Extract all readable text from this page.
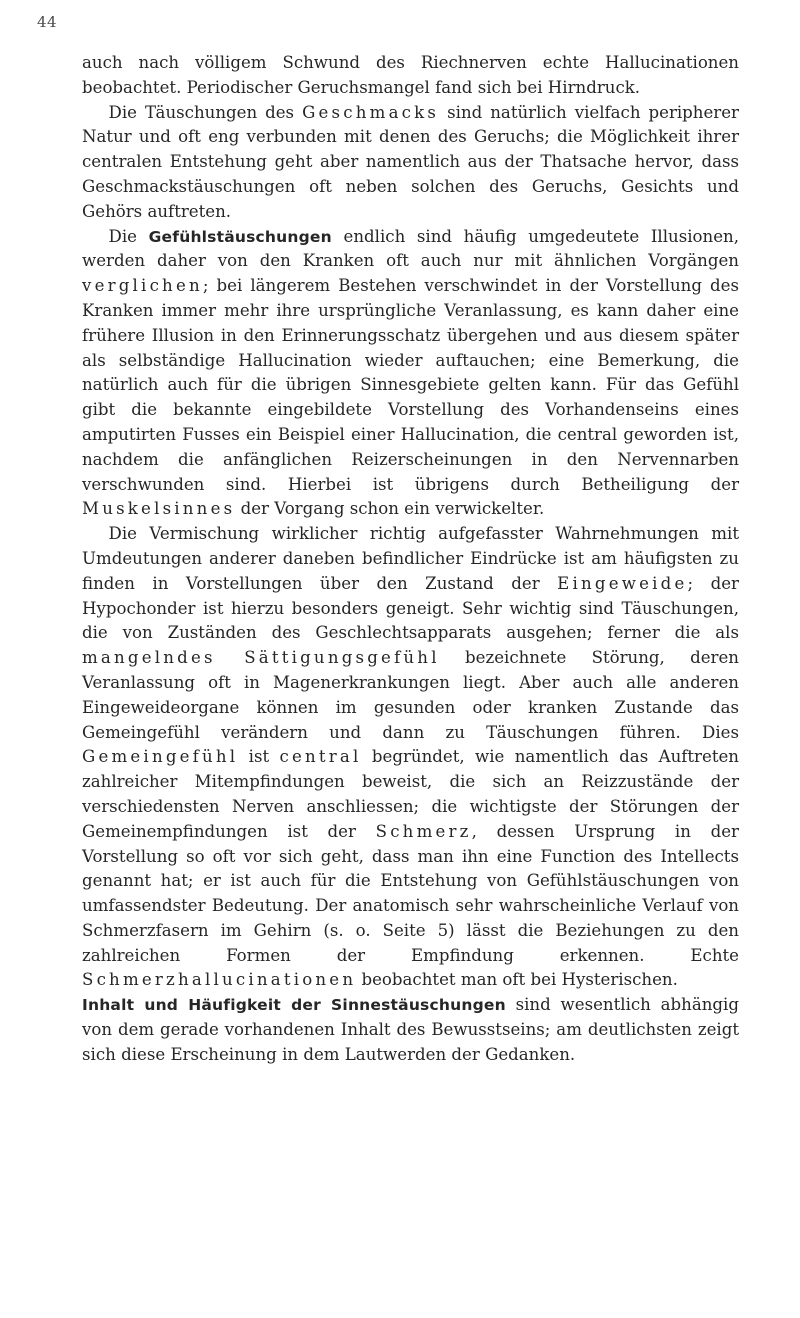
44

auch nach völligem Schwund des Riechnerven echte Hallucinationen beobachtet. Periodischer Geruchsmangel fand sich bei Hirndruck.

Die Täuschungen des Geschmacks sind natürlich vielfach peripherer Natur und oft eng verbunden mit denen des Geruchs; die Möglichkeit ihrer centralen Entstehung geht aber namentlich aus der Thatsache hervor, dass Geschmackstäuschungen oft neben solchen des Geruchs, Gesichts und Gehörs auftreten.

Die Gefühlstäuschungen endlich sind häufig umgedeutete Illusionen, werden daher von den Kranken oft auch nur mit ähnlichen Vorgängen verglichen; bei längerem Bestehen verschwindet in der Vorstellung des Kranken immer mehr ihre ursprüngliche Veranlassung, es kann daher eine frühere Illusion in den Erinnerungsschatz übergehen und aus diesem später als selbständige Hallucination wieder auftauchen; eine Bemerkung, die natürlich auch für die übrigen Sinnesgebiete gelten kann. Für das Gefühl gibt die bekannte eingebildete Vorstellung des Vorhandenseins eines amputirten Fusses ein Beispiel einer Hallucination, die central geworden ist, nachdem die anfänglichen Reizerscheinungen in den Nervennarben verschwunden sind. Hierbei ist übrigens durch Betheiligung der Muskelsinnes der Vorgang schon ein verwickelter.

Die Vermischung wirklicher richtig aufgefasster Wahrnehmungen mit Umdeutungen anderer daneben befindlicher Eindrücke ist am häufigsten zu finden in Vorstellungen über den Zustand der Eingeweide; der Hypochonder ist hierzu besonders geneigt. Sehr wichtig sind Täuschungen, die von Zuständen des Geschlechtsapparats ausgehen; ferner die als mangelndes Sättigungsgefühl bezeichnete Störung, deren Veranlassung oft in Magenerkrankungen liegt. Aber auch alle anderen Eingeweideorgane können im gesunden oder kranken Zustande das Gemeingefühl verändern und dann zu Täuschungen führen. Dies Gemeingefühl ist central begründet, wie namentlich das Auftreten zahlreicher Mitempfindungen beweist, die sich an Reizzustände der verschiedensten Nerven anschliessen; die wichtigste der Störungen der Gemeinempfindungen ist der Schmerz, dessen Ursprung in der Vorstellung so oft vor sich geht, dass man ihn eine Function des Intellects genannt hat; er ist auch für die Entstehung von Gefühlstäuschungen von umfassendster Bedeutung. Der anatomisch sehr wahrscheinliche Verlauf von Schmerzfasern im Gehirn (s. o. Seite 5) lässt die Beziehungen zu den zahlreichen Formen der Empfindung erkennen. Echte Schmerzhallucinationen beobachtet man oft bei Hysterischen.

Inhalt und Häufigkeit der Sinnestäuschungen sind wesentlich abhängig von dem gerade vorhandenen Inhalt des Bewusstseins; am deutlichsten zeigt sich diese Erscheinung in dem Lautwerden der Gedanken.
